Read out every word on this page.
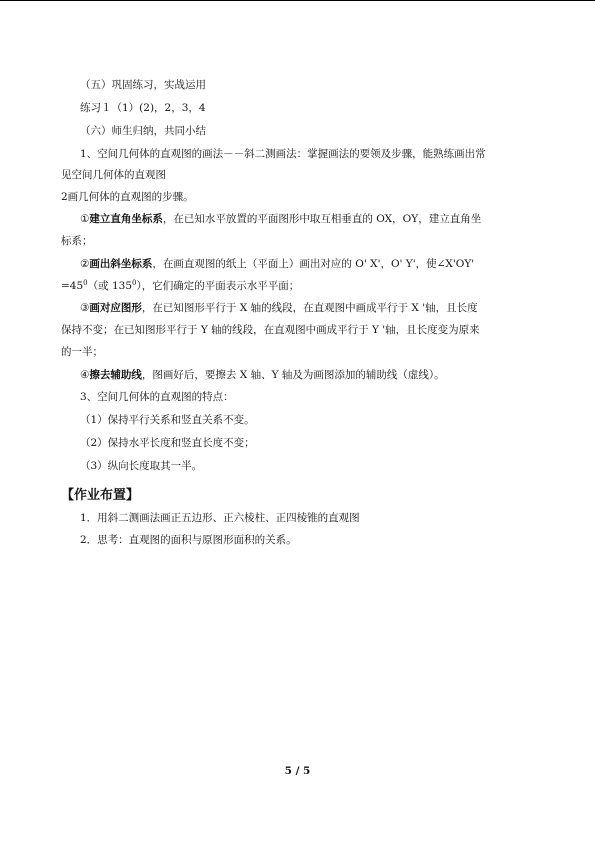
（五）巩固练习，实战运用
练习１（1）(2)，2，3，4
（六）师生归纳，共同小结
1、空间几何体的直观图的画法－－斜二测画法：掌握画法的要领及步骤，能熟练画出常
见空间几何体的直观图
2画几何体的直观图的步骤。
①建立直角坐标系，在已知水平放置的平面图形中取互相垂直的 OX，OY，建立直角坐
标系；
②画出斜坐标系，在画直观图的纸上（平面上）画出对应的 O' X'，O' Y'，使∠X'OY'
$=45^0$（或 $135^0$），它们确定的平面表示水平平面；
③画对应图形，在已知图形平行于 X 轴的线段，在直观图中画成平行于 X '轴，且长度
保持不变；在已知图形平行于 Y 轴的线段，在直观图中画成平行于 Y '轴，且长度变为原来
的一半；
④擦去辅助线，图画好后，要擦去 X 轴、Y 轴及为画图添加的辅助线（虚线）。
3、空间几何体的直观图的特点：
（1）保持平行关系和竖直关系不变。
（2）保持水平长度和竖直长度不变；
（3）纵向长度取其一半。
【作业布置】
1．用斜二测画法画正五边形、正六棱柱、正四棱锥的直观图
2．思考：直观图的面积与原图形面积的关系。
5 / 5
